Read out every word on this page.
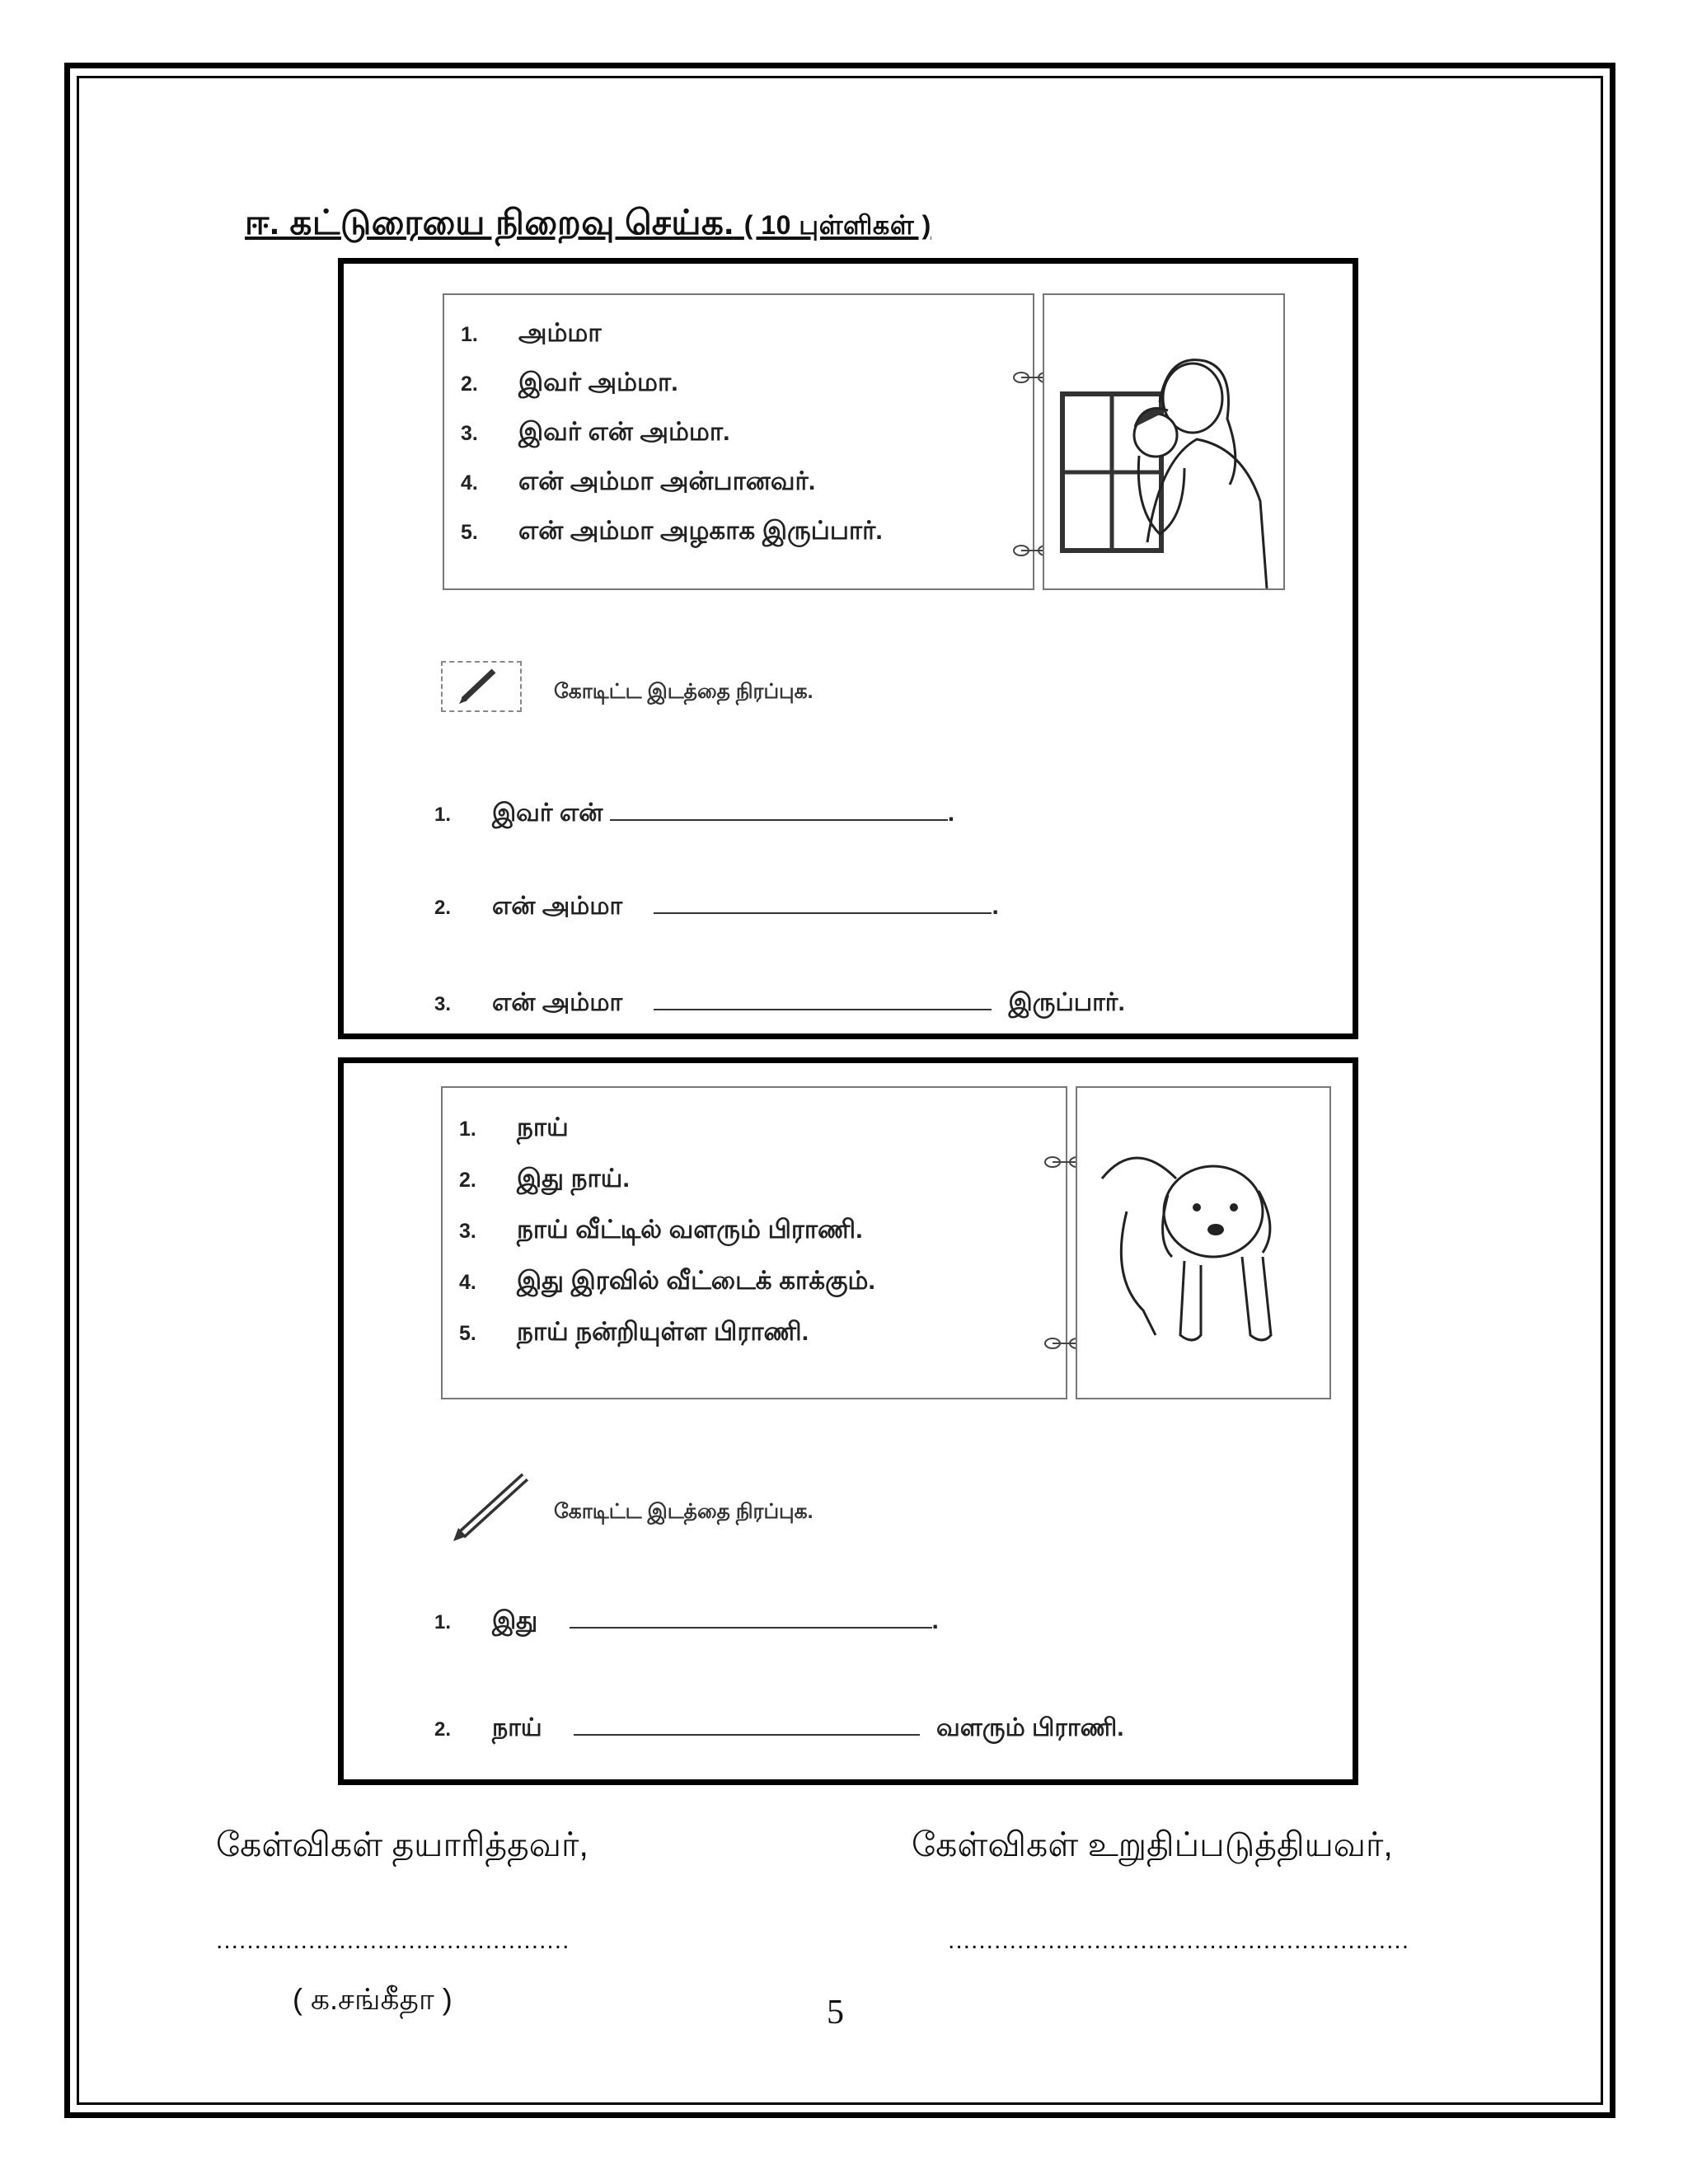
ஈ. கட்டுரையை நிறைவு செய்க. ( 10 புள்ளிகள் )
1. அம்மா
2. இவர் அம்மா.
3. இவர் என் அம்மா.
4. என் அம்மா அன்பானவர்.
5. என் அம்மா அழகாக இருப்பார்.
கோடிட்ட இடத்தை நிரப்புக.
1. இவர் என்	.
2. என் அம்மா	.
3. என் அம்மா	இருப்பார்.
1. நாய்
2. இது நாய்.
3. நாய் வீட்டில் வளரும் பிராணி.
4. இது இரவில் வீட்டைக் காக்கும்.
5. நாய் நன்றியுள்ள பிராணி.
கோடிட்ட இடத்தை நிரப்புக.
1. இது	.
2. நாய்	வளரும் பிராணி.
கேள்விகள் தயாரித்தவர்,	கேள்விகள் உறுதிப்படுத்தியவர்,
..............................................	............................................................
( க.சங்கீதா )	5
